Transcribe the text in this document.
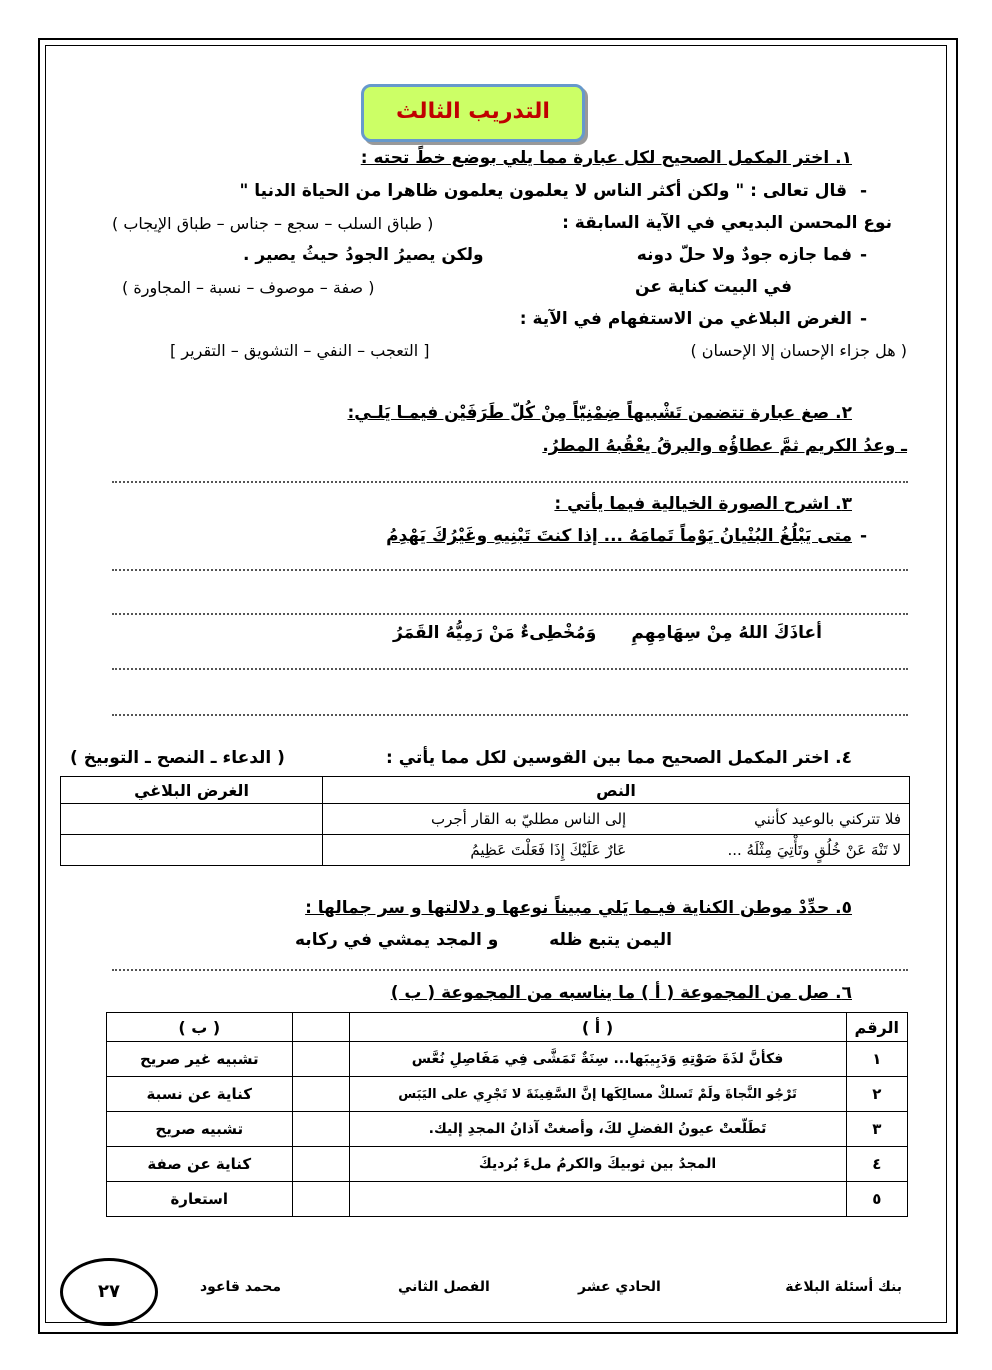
التدريب الثالث
١. اختر المكمل الصحيح لكل عبارة مما يلي بوضع خطً تحته :
-
قال تعالى : " ولكن أكثر الناس لا يعلمون يعلمون ظاهرا من الحياة الدنيا "
نوع المحسن البديعي في الآية السابقة :
( طباق السلب – سجع – جناس – طباق الإيجاب )
-
فما جازه جودٌ ولا حلّ دونه
ولكن يصيرُ الجودُ حيثُ يصير .
في البيت كناية عن
( صفة – موصوف – نسبة – المجاورة )
-
الغرض البلاغي من الاستفهام في الآية :
( هل جزاء الإحسان إلا الإحسان )
[ التعجب – النفي – التشويق – التقرير ]
٢. صغ عبارة تتضمن تَشْبيهاً ضِمْنِيّاً مِنْ كُلّ طَرَفَيْن فيمـا يَلـي:
ـ وعدُ الكريم ثمَّ عطاؤُه والبرقُ يعْقُبهُ المطرُ.
٣. اشرح الصورة الخيالية فيما يأتي :
-
متى يَبْلُغُ البُنْيانُ يَوْماً تَمامَهُ ... إذا كنتَ تَبْنِيهِ وغَيْرُكَ يَهْدِمُ
أعاذَكَ اللهُ مِنْ سِهَامِهِمِ
وَمُخْطِىءٌ مَنْ رَمِيُّهُ القَمَرُ
٤. اختر المكمل الصحيح مما بين القوسين لكل مما يأتي :
( الدعاء ـ النصح ـ التوبيخ )
النص	الغرض البلاغي
فلا تتركني بالوعيد كأنني إلى الناس مطليّ به القار أجرب	
لا تَنْهَ عَنْ خُلُقٍ وتَأْتِيَ مِثْلَهُ ... عَارٌ عَلَيْكَ إِذَا فَعَلْتَ عَظِيمُ	
٥. حدِّدْ موطن الكناية فيـما يَلي مبيناً نوعها و دلالتها و سر جمالها :
اليمن يتبع ظله
و المجد يمشي في ركابه
٦. صل من المجموعة ( أ ) ما يناسبه من المجموعة ( ب )
الرقم	( أ )		( ب )
١	فكأنَّ لذَةَ صَوْتِهِ وَدَبِيبَها... سِنَةٌ تَمَشَّى فِي مَفَاصِلِ نُعَّس		تشبيه غير صريح
٢	تَرْجُو النَّجاةَ ولَمْ تَسلكْ مسالِكَها إنَّ السَّفِينَةَ لا تَجْرِي على اليَبَس		كناية عن نسبة
٣	تَطَلّعتْ عيونُ الفضلِ لكَ، وأصغتْ آذانُ المجدِ إليك.		تشبيه صريح
٤	المجدُ بين ثوبيكَ والكرمُ ملءَ بُرديكَ		كناية عن صفة
٥			استعارة
بنك أسئلة البلاغة
الحادي عشر
الفصل الثاني
محمد قاعود
٢٧
